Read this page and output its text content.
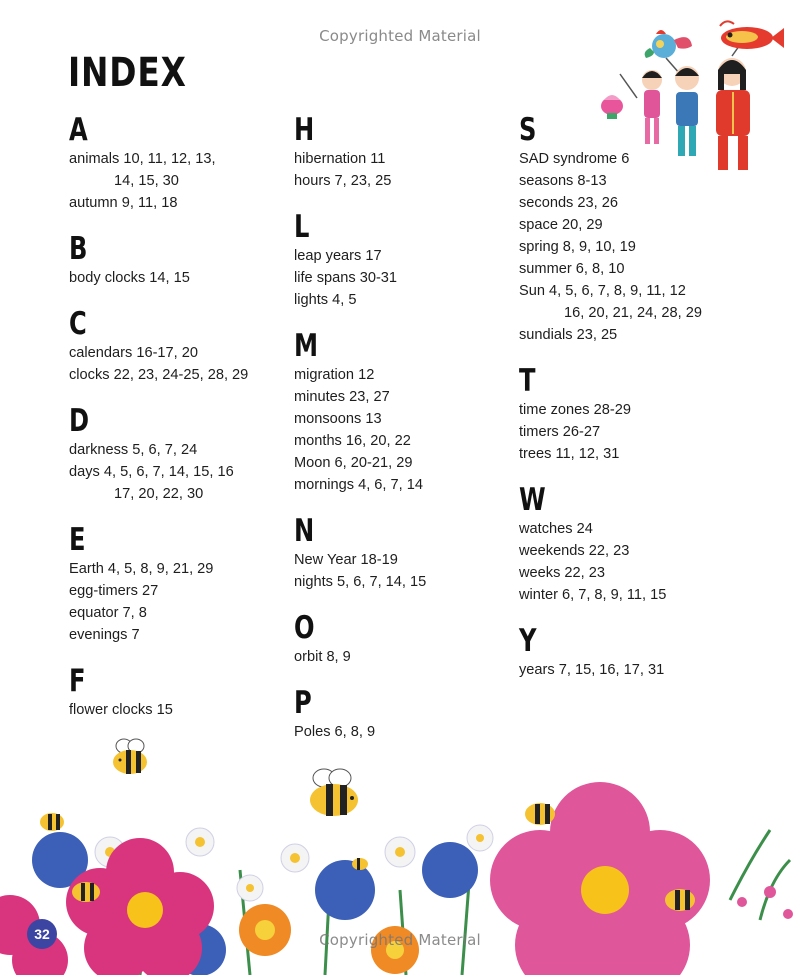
Copyrighted Material
INDEX
A
animals 10, 11, 12, 13,
14, 15, 30
autumn 9, 11, 18
B
body clocks 14, 15
C
calendars 16-17, 20
clocks 22, 23, 24-25, 28, 29
D
darkness 5, 6, 7, 24
days 4, 5, 6, 7, 14, 15, 16
17, 20, 22, 30
E
Earth 4, 5, 8, 9, 21, 29
egg-timers 27
equator 7, 8
evenings 7
F
flower clocks 15
H
hibernation 11
hours 7, 23, 25
L
leap years 17
life spans 30-31
lights 4, 5
M
migration 12
minutes 23, 27
monsoons 13
months 16, 20, 22
Moon 6, 20-21, 29
mornings 4, 6, 7, 14
N
New Year 18-19
nights 5, 6, 7, 14, 15
O
orbit 8, 9
P
Poles 6, 8, 9
S
SAD syndrome 6
seasons 8-13
seconds 23, 26
space 20, 29
spring 8, 9, 10, 19
summer 6, 8, 10
Sun 4, 5, 6, 7, 8, 9, 11, 12
16, 20, 21, 24, 28, 29
sundials 23, 25
T
time zones 28-29
timers 26-27
trees 11, 12, 31
W
watches 24
weekends 22, 23
weeks 22, 23
winter 6, 7, 8, 9, 11, 15
Y
years 7, 15, 16, 17, 31
Copyrighted Material
32
